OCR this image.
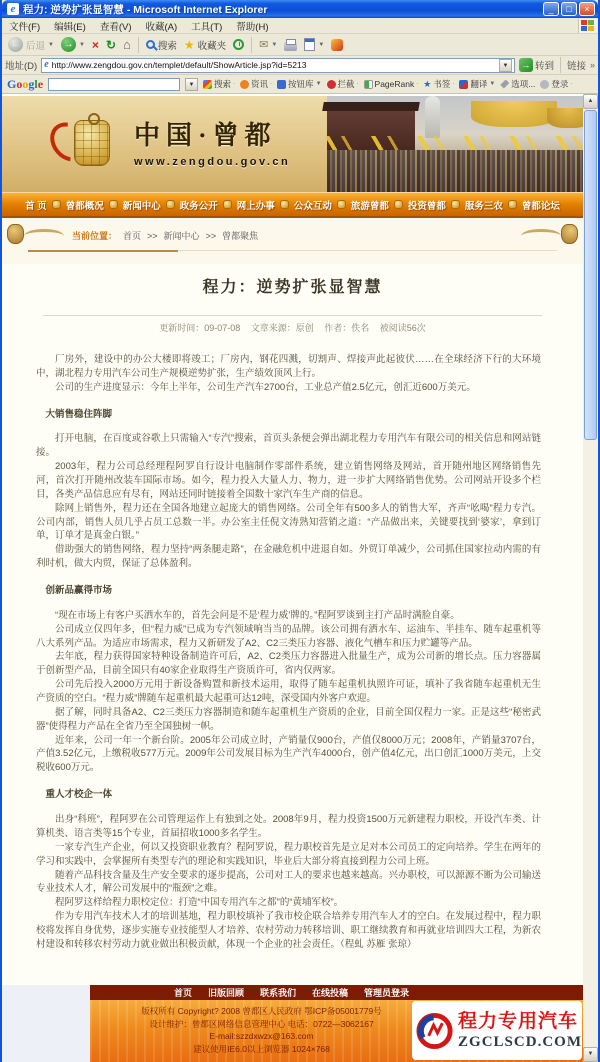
e 程力: 逆势扩张显智慧 - Microsoft Internet Explorer	_	□	×
文件(F)	编辑(E)	查看(V)	收藏(A)	工具(T)	帮助(H)
← 后退 ▼ → ▼ × ↻ ⌂	搜索 ★ 收藏夹	✉ ▼	▼
地址(D) e http://www.zengdou.gov.cn/templet/default/ShowArticle.jsp?id=5213	▼	→ 转到 链接 »
Google	▼	搜索 · 资讯 · 按钮库 ▼ 拦截 · PageRank · ★ 书签 · 翻译 ▼ 选项... 登录 ·
中国·曾都
www.zengdou.gov.cn
首 页 曾都概况 新闻中心 政务公开 网上办事 公众互动 旅游曾都 投资曾都 服务三农 曾都论坛
当前位置： 首页 >> 新闻中心 >> 曾都聚焦
程力：逆势扩张显智慧
更新时间：09-07-08 文章来源：原创 作者：佚名 被阅读56次

厂房外，建设中的办公大楼即将竣工；厂房内，钢花四溅，切割声、焊接声此起彼伏……在全球经济下行的大环境中，湖北程力专用汽车公司生产规模逆势扩张，生产绩效顶风上行。

公司的生产进度显示：今年上半年，公司生产汽车2700台，工业总产值2.5亿元，创汇近600万美元。

大销售稳住阵脚

打开电脑，在百度或谷歌上只需输入“专汽”搜索，首页头条便会弹出湖北程力专用汽车有限公司的相关信息和网站链接。

2003年，程力公司总经理程阿罗自行设计电脑制作零部件系统，建立销售网络及网站，首开随州地区网络销售先河，首次打开随州改装车国际市场。如今，程力投入大量人力、物力，进一步扩大网络销售优势。公司网站开设多个栏目，各类产品信息应有尽有，网站还同时链接着全国数十家汽车生产商的信息。

除网上销售外，程力还在全国各地建立起庞大的销售网络。公司全年有500多人的销售大军，齐声“吆喝”程力专汽。公司内部，销售人员几乎占员工总数一半。办公室主任倪文涛熟知营销之道：“产品做出来，关键要找到‘婆家’，拿到订单，订单才是真金白银。”

借助强大的销售网络，程力坚持“两条腿走路”，在金融危机中进退自如。外贸订单减少，公司抓住国家拉动内需的有利时机，做大内贸，保证了总体盈利。

创新品赢得市场

“现在市场上有客户买洒水车的，首先会问是不是‘程力威’牌的。”程阿罗谈到主打产品时满脸自豪。

公司成立仅四年多，但“程力威”已成为专汽领域响当当的品牌。该公司拥有洒水车、运油车、半挂车、随车起重机等八大系列产品。为适应市场需求，程力又新研发了A2、C2三类压力容器、液化气槽车和压力贮罐等产品。

去年底，程力获得国家特种设备制造许可后，A2、C2类压力容器进入批量生产，成为公司新的增长点。压力容器属于创新型产品，目前全国只有40家企业取得生产资质许可，省内仅两家。

公司先后投入2000万元用于新设备购置和新技术运用，取得了随车起重机执照许可证，填补了我省随车起重机无生产资质的空白。“程力威”牌随车起重机最大起重可达12吨，深受国内外客户欢迎。

据了解，同时具备A2、C2三类压力容器制造和随车起重机生产资质的企业，目前全国仅程力一家。正是这些“秘密武器”使得程力产品在全省乃至全国独树一帜。

近年来，公司一年一个新台阶。2005年公司成立时，产销量仅900台，产值仅8000万元；2008年，产销量3707台，产值3.52亿元，上缴税收577万元。2009年公司发展目标为生产汽车4000台，创产值4亿元，出口创汇1000万美元，上交税收600万元。

重人才校企一体

出身“科班”，程阿罗在公司管理运作上有独到之处。2008年9月，程力投资1500万元新建程力职校，开设汽车类、计算机类、语言类等15个专业，首届招收1000多名学生。

一家专汽生产企业，何以又投资职业教育？程阿罗说，程力职校首先是立足对本公司员工的定向培养。学生在两年的学习和实践中，会掌握所有类型专汽的理论和实践知识，毕业后大部分将直接到程力公司上班。

随着产品科技含量及生产安全要求的逐步提高，公司对工人的要求也越来越高。兴办职校，可以源源不断为公司输送专业技术人才，解公司发展中的“瓶颈”之难。

程阿罗这样给程力职校定位：打造“中国专用汽车之都”的“黄埔军校”。

作为专用汽车技术人才的培训基地，程力职校填补了我市校企联合培养专用汽车人才的空白。在发展过程中，程力职校将发挥自身优势，逐步实施专业技能型人才培养、农村劳动力转移培训、职工继续教育和再就业培训四大工程，为新农村建设和转移农村劳动力就业做出积极贡献，体现一个企业的社会责任。（程虬 苏雁 张琼）

首页 旧版回顾 联系我们 在线投稿 管理员登录
版权所有 Copyright? 2008 曾都区人民政府 鄂ICP备05001779号
设计维护：曾都区网络信息管理中心 电话：0722—3062167
E-mail:szzdxwzx@163.com
建议使用IE6.0以上浏览器 1024×768
程力专用汽车
ZGCLSCD.COM
▲
▼
